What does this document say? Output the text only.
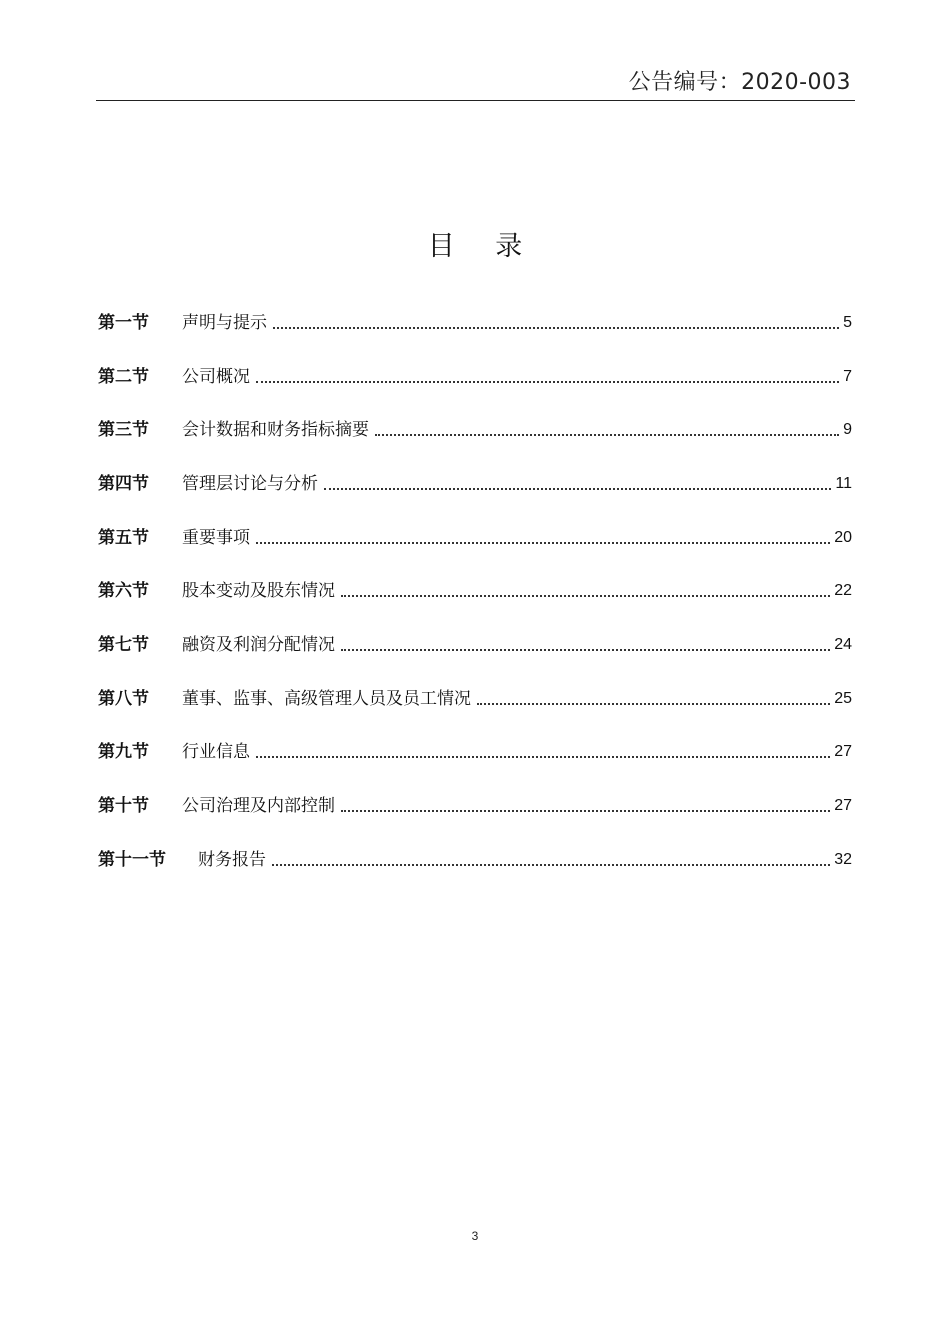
公告编号：2020-003
目 录
第一节	声明与提示	5
第二节	公司概况	7
第三节	会计数据和财务指标摘要	9
第四节	管理层讨论与分析	11
第五节	重要事项	20
第六节	股本变动及股东情况	22
第七节	融资及利润分配情况	24
第八节	董事、监事、高级管理人员及员工情况	25
第九节	行业信息	27
第十节	公司治理及内部控制	27
第十一节	财务报告	32
3
